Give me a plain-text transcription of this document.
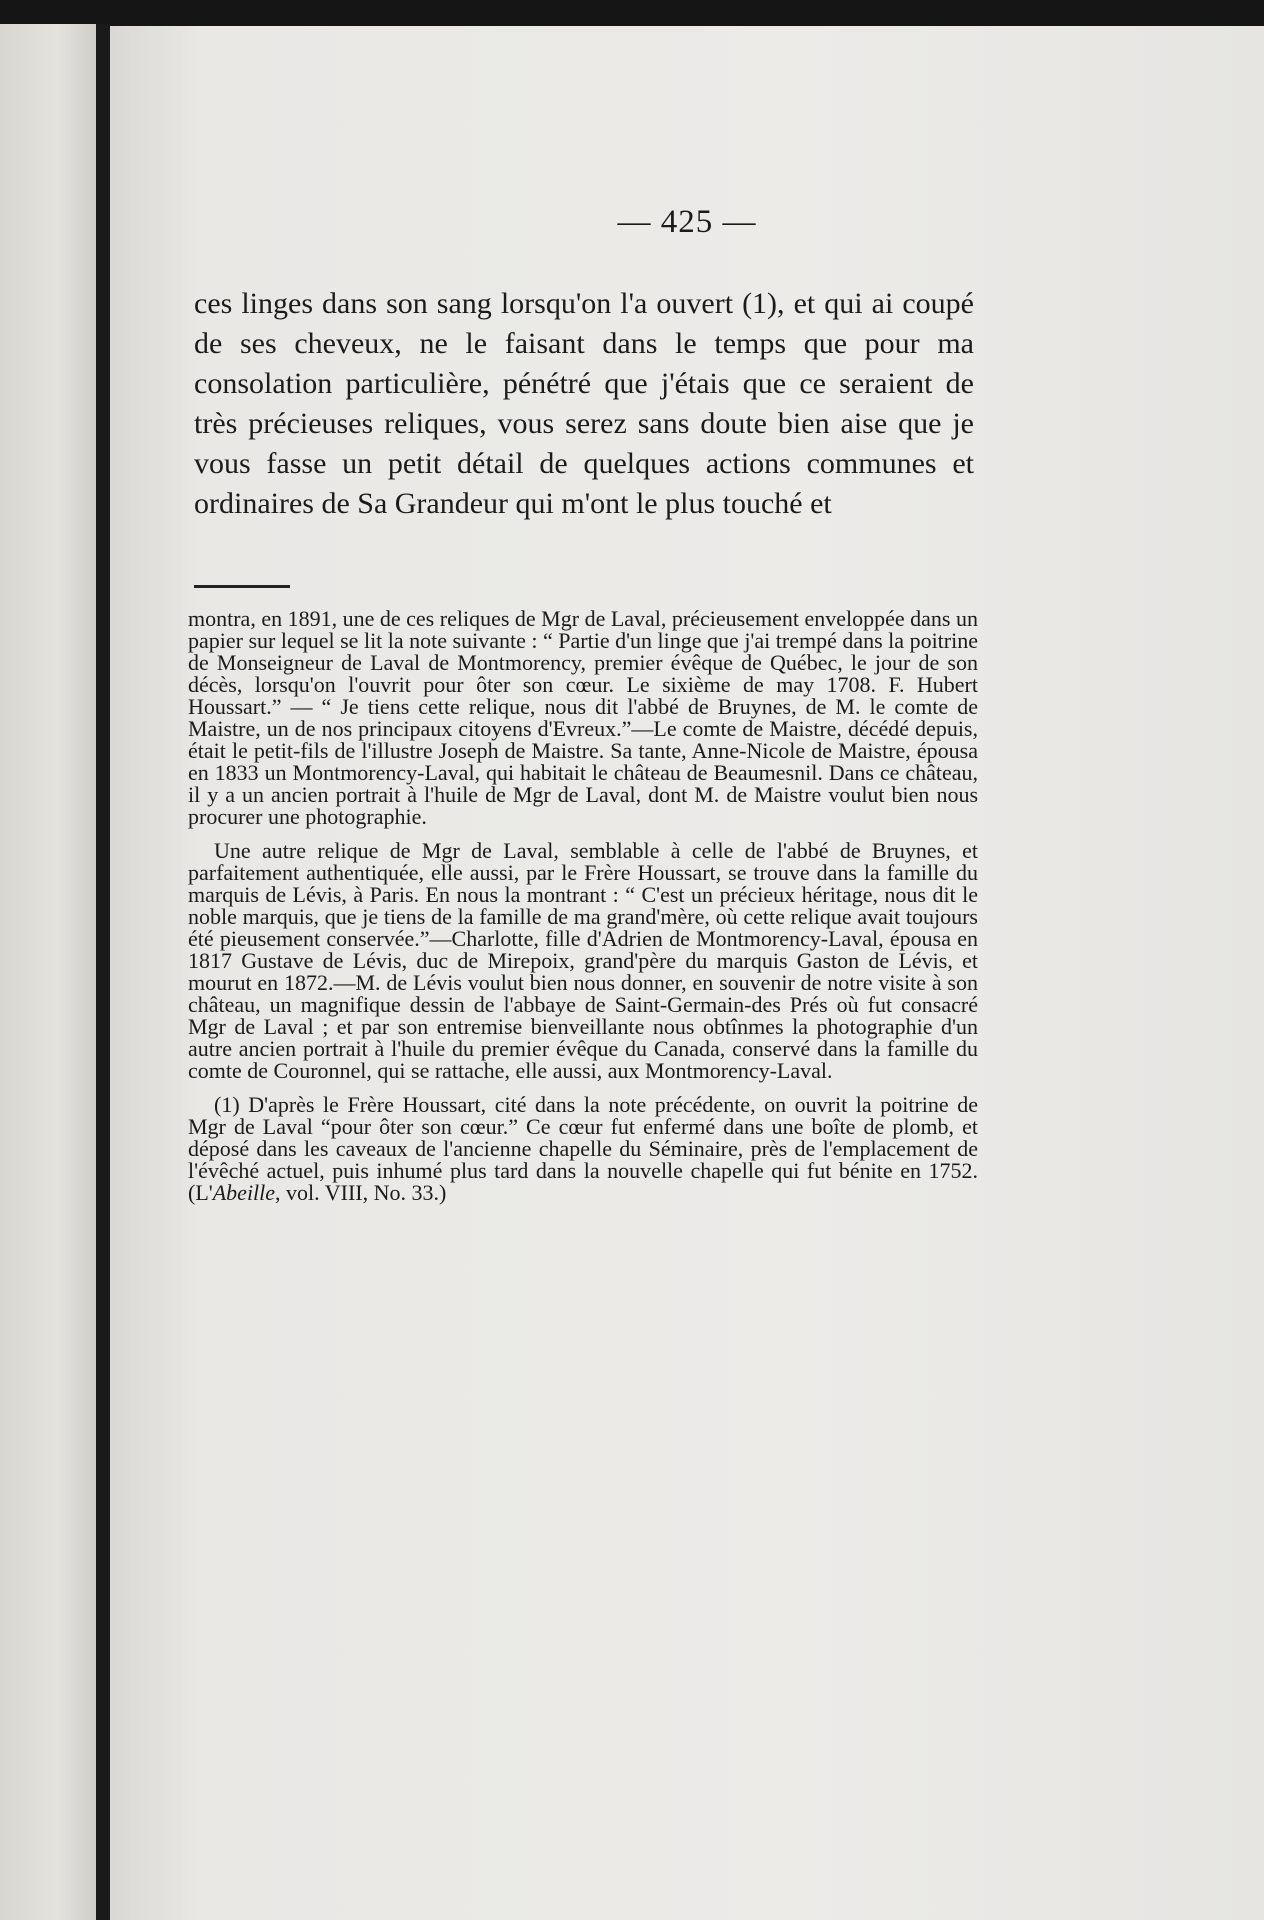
— 425 —

ces linges dans son sang lorsqu'on l'a ouvert (1), et qui ai coupé de ses cheveux, ne le faisant dans le temps que pour ma consolation particulière, pénétré que j'étais que ce seraient de très précieuses reliques, vous serez sans doute bien aise que je vous fasse un petit détail de quelques actions communes et ordinaires de Sa Grandeur qui m'ont le plus touché et

montra, en 1891, une de ces reliques de Mgr de Laval, précieusement enveloppée dans un papier sur lequel se lit la note suivante : “ Partie d'un linge que j'ai trempé dans la poitrine de Monseigneur de Laval de Montmorency, premier évêque de Québec, le jour de son décès, lorsqu'on l'ouvrit pour ôter son cœur. Le sixième de may 1708. F. Hubert Houssart.” — “ Je tiens cette relique, nous dit l'abbé de Bruynes, de M. le comte de Maistre, un de nos principaux citoyens d'Evreux.”—Le comte de Maistre, décédé depuis, était le petit-fils de l'illustre Joseph de Maistre. Sa tante, Anne-Nicole de Maistre, épousa en 1833 un Montmorency-Laval, qui habitait le château de Beaumesnil. Dans ce château, il y a un ancien portrait à l'huile de Mgr de Laval, dont M. de Maistre voulut bien nous procurer une photographie.

Une autre relique de Mgr de Laval, semblable à celle de l'abbé de Bruynes, et parfaitement authentiquée, elle aussi, par le Frère Houssart, se trouve dans la famille du marquis de Lévis, à Paris. En nous la montrant : “ C'est un précieux héritage, nous dit le noble marquis, que je tiens de la famille de ma grand'mère, où cette relique avait toujours été pieusement conservée.”—Charlotte, fille d'Adrien de Montmorency-Laval, épousa en 1817 Gustave de Lévis, duc de Mirepoix, grand'père du marquis Gaston de Lévis, et mourut en 1872.—M. de Lévis voulut bien nous donner, en souvenir de notre visite à son château, un magnifique dessin de l'abbaye de Saint-Germain-des Prés où fut consacré Mgr de Laval ; et par son entremise bienveillante nous obtînmes la photographie d'un autre ancien portrait à l'huile du premier évêque du Canada, conservé dans la famille du comte de Couronnel, qui se rattache, elle aussi, aux Montmorency-Laval.

(1) D'après le Frère Houssart, cité dans la note précédente, on ouvrit la poitrine de Mgr de Laval “pour ôter son cœur.” Ce cœur fut enfermé dans une boîte de plomb, et déposé dans les caveaux de l'ancienne chapelle du Séminaire, près de l'emplacement de l'évêché actuel, puis inhumé plus tard dans la nouvelle chapelle qui fut bénite en 1752. (L'Abeille, vol. VIII, No. 33.)
